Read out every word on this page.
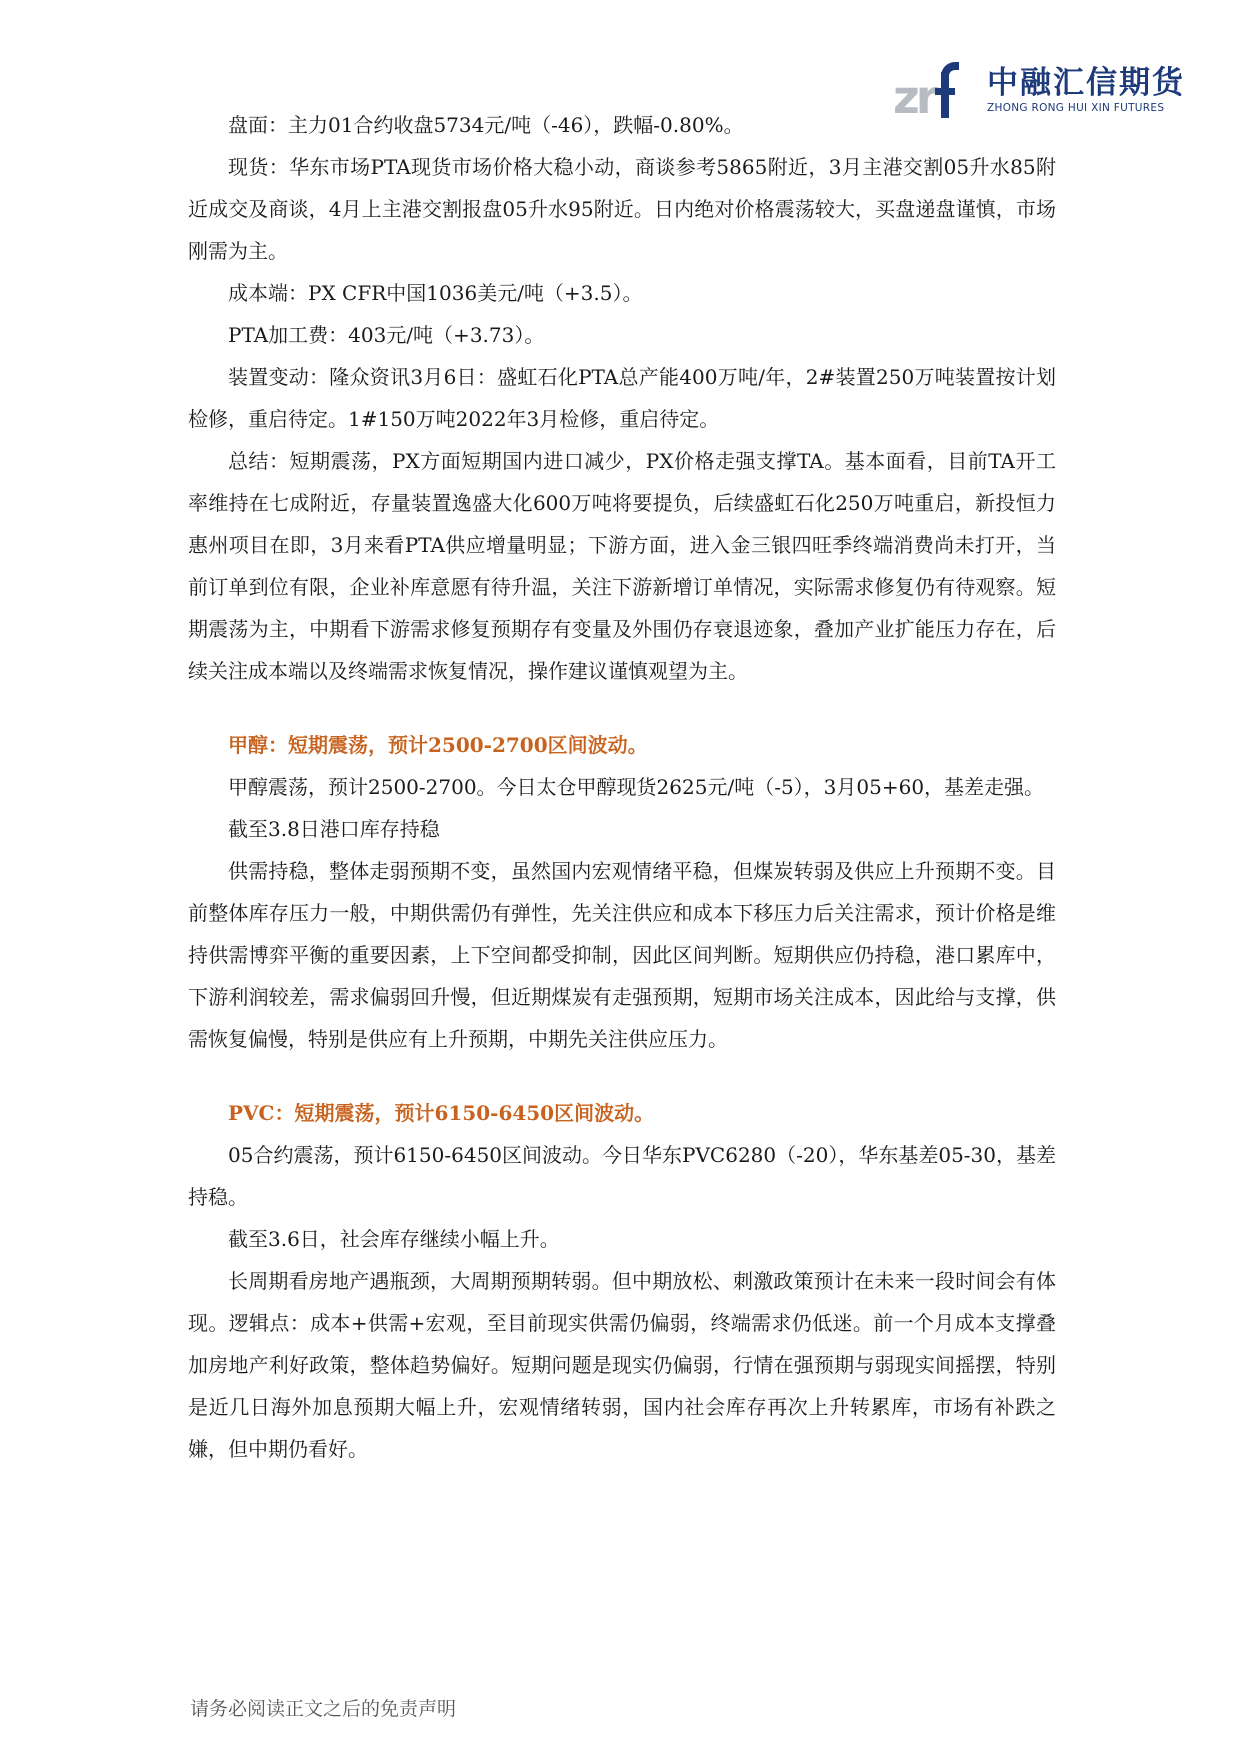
zr 中融汇信期货
ZHONG RONG HUI XIN FUTURES

盘面：主力01合约收盘5734元/吨（-46），跌幅-0.80%。

现货：华东市场PTA现货市场价格大稳小动，商谈参考5865附近，3月主港交割05升水85附近成交及商谈，4月上主港交割报盘05升水95附近。日内绝对价格震荡较大，买盘递盘谨慎，市场刚需为主。

成本端：PX CFR中国1036美元/吨（+3.5）。

PTA加工费：403元/吨（+3.73）。

装置变动：隆众资讯3月6日：盛虹石化PTA总产能400万吨/年，2#装置250万吨装置按计划检修，重启待定。1#150万吨2022年3月检修，重启待定。

总结：短期震荡，PX方面短期国内进口减少，PX价格走强支撑TA。基本面看，目前TA开工率维持在七成附近，存量装置逸盛大化600万吨将要提负，后续盛虹石化250万吨重启，新投恒力惠州项目在即，3月来看PTA供应增量明显；下游方面，进入金三银四旺季终端消费尚未打开，当前订单到位有限，企业补库意愿有待升温，关注下游新增订单情况，实际需求修复仍有待观察。短期震荡为主，中期看下游需求修复预期存有变量及外围仍存衰退迹象，叠加产业扩能压力存在，后续关注成本端以及终端需求恢复情况，操作建议谨慎观望为主。

甲醇：短期震荡，预计2500-2700区间波动。

甲醇震荡，预计2500-2700。今日太仓甲醇现货2625元/吨（-5），3月05+60，基差走强。

截至3.8日港口库存持稳

供需持稳，整体走弱预期不变，虽然国内宏观情绪平稳，但煤炭转弱及供应上升预期不变。目前整体库存压力一般，中期供需仍有弹性，先关注供应和成本下移压力后关注需求，预计价格是维持供需博弈平衡的重要因素，上下空间都受抑制，因此区间判断。短期供应仍持稳，港口累库中，下游利润较差，需求偏弱回升慢，但近期煤炭有走强预期，短期市场关注成本，因此给与支撑，供需恢复偏慢，特别是供应有上升预期，中期先关注供应压力。

PVC：短期震荡，预计6150-6450区间波动。

05合约震荡，预计6150-6450区间波动。今日华东PVC6280（-20），华东基差05-30，基差持稳。

截至3.6日，社会库存继续小幅上升。

长周期看房地产遇瓶颈，大周期预期转弱。但中期放松、刺激政策预计在未来一段时间会有体现。逻辑点：成本+供需+宏观，至目前现实供需仍偏弱，终端需求仍低迷。前一个月成本支撑叠加房地产利好政策，整体趋势偏好。短期问题是现实仍偏弱，行情在强预期与弱现实间摇摆，特别是近几日海外加息预期大幅上升，宏观情绪转弱，国内社会库存再次上升转累库，市场有补跌之嫌，但中期仍看好。

请务必阅读正文之后的免责声明
